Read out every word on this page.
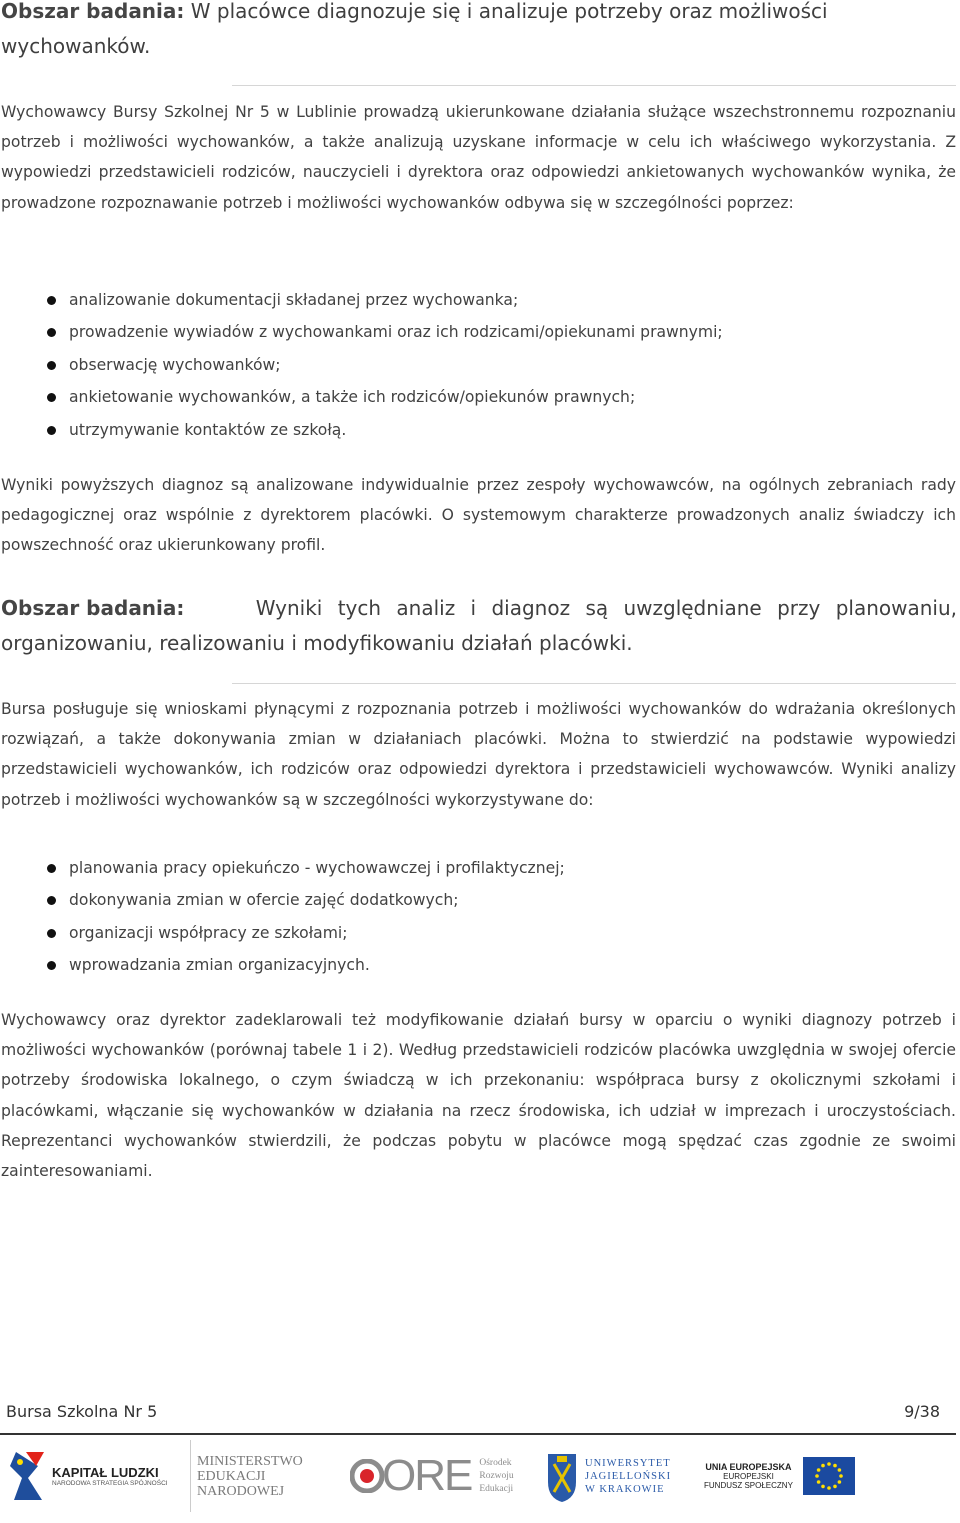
Obszar badania: W placówce diagnozuje się i analizuje potrzeby oraz możliwości
wychowanków.
Wychowawcy Bursy Szkolnej Nr 5 w Lublinie prowadzą ukierunkowane działania służące wszechstronnemu rozpoznaniu potrzeb i możliwości wychowanków, a także analizują uzyskane informacje w celu ich właściwego wykorzystania. Z wypowiedzi przedstawicieli rodziców, nauczycieli i dyrektora oraz odpowiedzi ankietowanych wychowanków wynika, że prowadzone rozpoznawanie potrzeb i możliwości wychowanków odbywa się w szczególności poprzez:
analizowanie dokumentacji składanej przez wychowanka;
prowadzenie wywiadów z wychowankami oraz ich rodzicami/opiekunami prawnymi;
obserwację wychowanków;
ankietowanie wychowanków, a także ich rodziców/opiekunów prawnych;
utrzymywanie kontaktów ze szkołą.
Wyniki powyższych diagnoz są analizowane indywidualnie przez zespoły wychowawców, na ogólnych zebraniach rady pedagogicznej oraz wspólnie z dyrektorem placówki. O systemowym charakterze prowadzonych analiz świadczy ich powszechność oraz ukierunkowany profil.
Obszar badania:	Wyniki tych analiz i diagnoz są uwzględniane przy planowaniu,
organizowaniu, realizowaniu i modyfikowaniu działań placówki.
Bursa posługuje się wnioskami płynącymi z rozpoznania potrzeb i możliwości wychowanków do wdrażania określonych rozwiązań, a także dokonywania zmian w działaniach placówki. Można to stwierdzić na podstawie wypowiedzi przedstawicieli wychowanków, ich rodziców oraz odpowiedzi dyrektora i przedstawicieli wychowawców. Wyniki analizy potrzeb i możliwości wychowanków są w szczególności wykorzystywane do:
planowania pracy opiekuńczo - wychowawczej i profilaktycznej;
dokonywania zmian w ofercie zajęć dodatkowych;
organizacji współpracy ze szkołami;
wprowadzania zmian organizacyjnych.
Wychowawcy oraz dyrektor zadeklarowali też modyfikowanie działań bursy w oparciu o wyniki diagnozy potrzeb i możliwości wychowanków (porównaj tabele 1 i 2). Według przedstawicieli rodziców placówka uwzględnia w swojej ofercie potrzeby środowiska lokalnego, o czym świadczą w ich przekonaniu: współpraca bursy z okolicznymi szkołami i placówkami, włączanie się wychowanków w działania na rzecz środowiska, ich udział w imprezach i uroczystościach. Reprezentanci wychowanków stwierdzili, że podczas pobytu w placówce mogą spędzać czas zgodnie ze swoimi zainteresowaniami.
Bursa Szkolna Nr 5	9/38
KAPITAŁ LUDZKI
NARODOWA STRATEGIA SPÓJNOŚCI
MINISTERSTWO
EDUKACJI
NARODOWEJ	ORE Ośrodek
Rozwoju
Edukacji
UNIWERSYTET
JAGIELLOŃSKI
W KRAKOWIE
UNIA EUROPEJSKA
EUROPEJSKI
FUNDUSZ SPOŁECZNY
